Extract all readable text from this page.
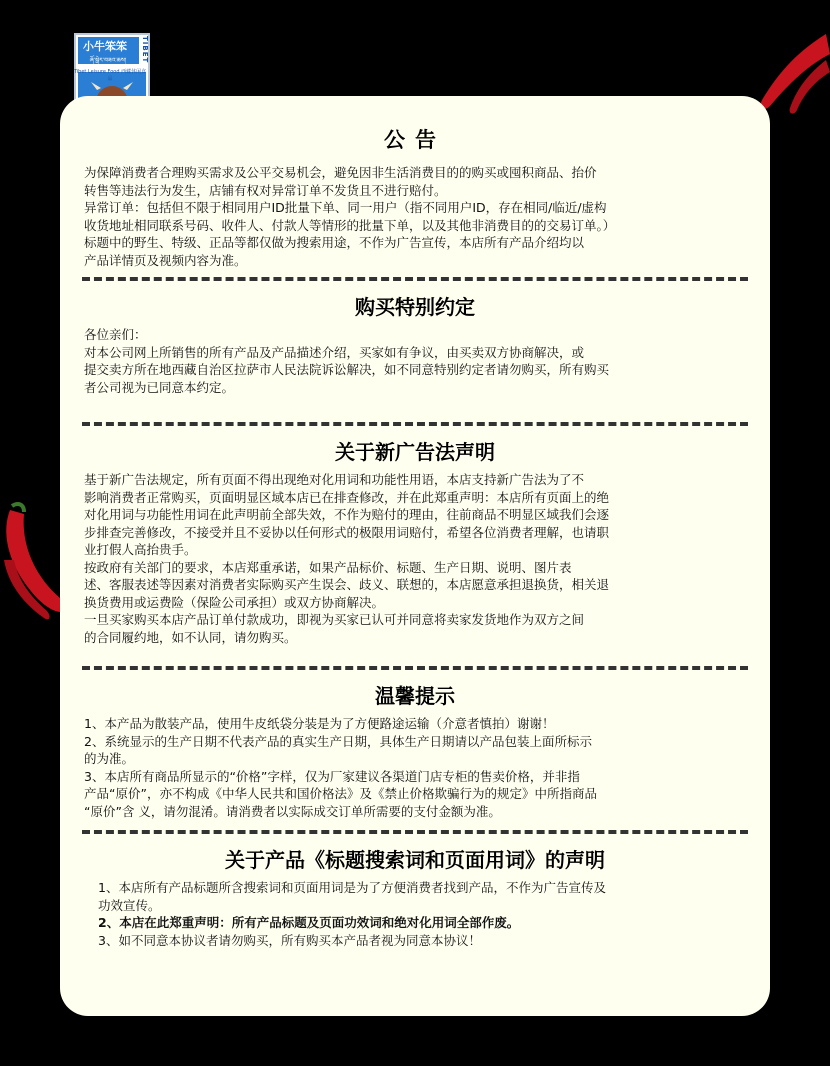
小牛笨笨	TIBET
ཞོ་སྒེར་བཟའ་ཆས།
Tibet Leisure Food 西藏休闲食品
公告

为保障消费者合理购买需求及公平交易机会，避免因非生活消费目的的购买或囤积商品、抬价

转售等违法行为发生，店铺有权对异常订单不发货且不进行赔付。

异常订单：包括但不限于相同用户ID批量下单、同一用户（指不同用户ID，存在相同/临近/虚构

收货地址相同联系号码、收件人、付款人等情形的批量下单，以及其他非消费目的的交易订单。）

标题中的野生、特级、正品等都仅做为搜索用途，不作为广告宣传，本店所有产品介绍均以

产品详情页及视频内容为准。

购买特别约定

各位亲们：

对本公司网上所销售的所有产品及产品描述介绍，买家如有争议，由买卖双方协商解决，或

提交卖方所在地西藏自治区拉萨市人民法院诉讼解决，如不同意特别约定者请勿购买，所有购买

者公司视为已同意本约定。

关于新广告法声明

基于新广告法规定，所有页面不得出现绝对化用词和功能性用语，本店支持新广告法为了不

影响消费者正常购买，页面明显区域本店已在排查修改，并在此郑重声明：本店所有页面上的绝

对化用词与功能性用词在此声明前全部失效，不作为赔付的理由，往前商品不明显区域我们会逐

步排查完善修改，不接受并且不妥协以任何形式的极限用词赔付，希望各位消费者理解，也请职

业打假人高抬贵手。

按政府有关部门的要求，本店郑重承诺，如果产品标价、标题、生产日期、说明、图片表

述、客服表述等因素对消费者实际购买产生误会、歧义、联想的，本店愿意承担退换货，相关退

换货费用或运费险（保险公司承担）或双方协商解决。

一旦买家购买本店产品订单付款成功，即视为买家已认可并同意将卖家发货地作为双方之间

的合同履约地，如不认同，请勿购买。

温馨提示

1、本产品为散装产品，使用牛皮纸袋分装是为了方便路途运输（介意者慎拍）谢谢！

2、系统显示的生产日期不代表产品的真实生产日期，具体生产日期请以产品包装上面所标示

的为准。

3、本店所有商品所显示的“价格”字样，仅为厂家建议各渠道门店专柜的售卖价格，并非指

产品“原价”，亦不构成《中华人民共和国价格法》及《禁止价格欺骗行为的规定》中所指商品

“原价”含 义，请勿混淆。请消费者以实际成交订单所需要的支付金额为准。

关于产品《标题搜索词和页面用词》的声明

1、本店所有产品标题所含搜索词和页面用词是为了方便消费者找到产品，不作为广告宣传及

功效宣传。

2、本店在此郑重声明：所有产品标题及页面功效词和绝对化用词全部作废。

3、如不同意本协议者请勿购买，所有购买本产品者视为同意本协议！
